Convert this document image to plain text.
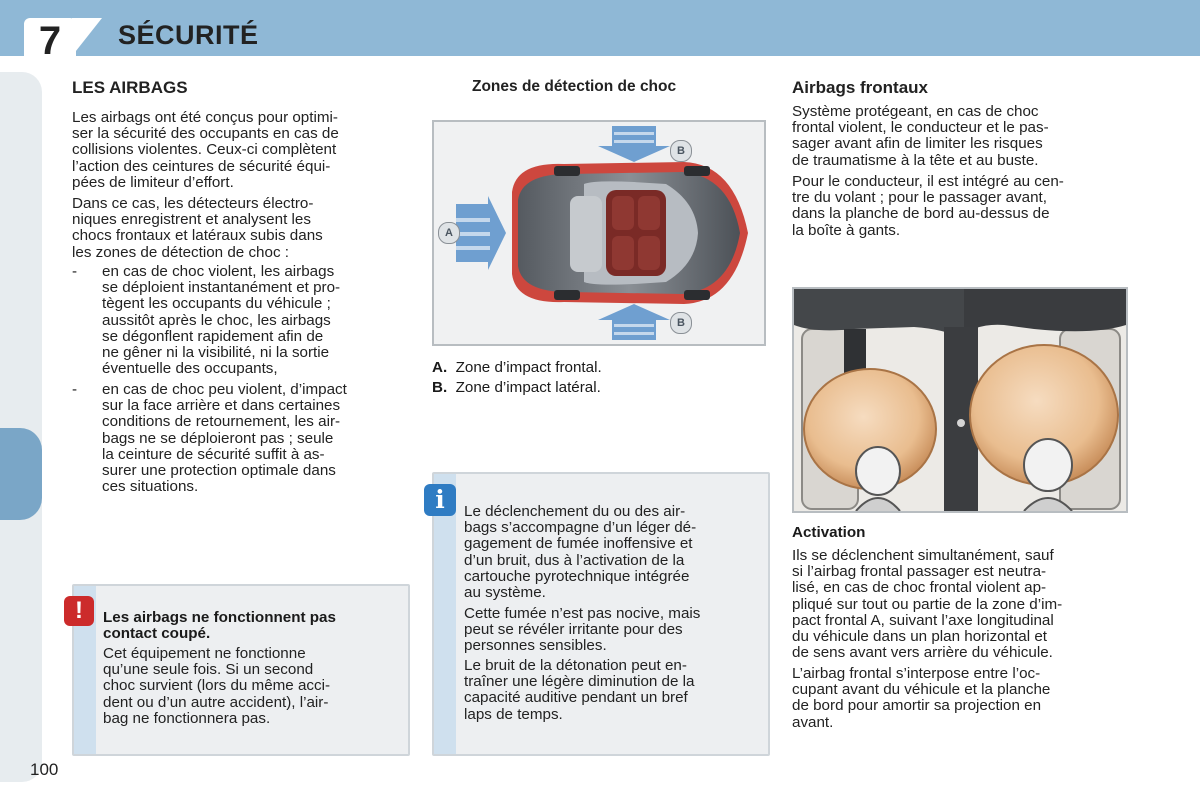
7	SÉCURITÉ
100
LES AIRBAGS
Les airbags ont été conçus pour optimi-
ser la sécurité des occupants en cas de
collisions violentes. Ceux-ci complètent
l’action des ceintures de sécurité équi-
pées de limiteur d’effort.
Dans ce cas, les détecteurs électro-
niques enregistrent et analysent les
chocs frontaux et latéraux subis dans
les zones de détection de choc :
- en cas de choc violent, les airbags
se déploient instantanément et pro-
tègent les occupants du véhicule ;
aussitôt après le choc, les airbags
se dégonflent rapidement afin de
ne gêner ni la visibilité, ni la sortie
éventuelle des occupants,
- en cas de choc peu violent, d’impact
sur la face arrière et dans certaines
conditions de retournement, les air-
bags ne se déploieront pas ; seule
la ceinture de sécurité suffit à as-
surer une protection optimale dans
ces situations.
!	Les airbags ne fonctionnent pas
contact coupé.
Cet équipement ne fonctionne
qu’une seule fois. Si un second
choc survient (lors du même acci-
dent ou d’un autre accident), l’air-
bag ne fonctionnera pas.
Zones de détection de choc
A
B
B
A. Zone d’impact frontal.
B. Zone d’impact latéral.
i	Le déclenchement du ou des air-
bags s’accompagne d’un léger dé-
gagement de fumée inoffensive et
d’un bruit, dus à l’activation de la
cartouche pyrotechnique intégrée
au système.
Cette fumée n’est pas nocive, mais
peut se révéler irritante pour des
personnes sensibles.
Le bruit de la détonation peut en-
traîner une légère diminution de la
capacité auditive pendant un bref
laps de temps.
Airbags frontaux
Système protégeant, en cas de choc
frontal violent, le conducteur et le pas-
sager avant afin de limiter les risques
de traumatisme à la tête et au buste.
Pour le conducteur, il est intégré au cen-
tre du volant ; pour le passager avant,
dans la planche de bord au-dessus de
la boîte à gants.
Activation
Ils se déclenchent simultanément, sauf
si l’airbag frontal passager est neutra-
lisé, en cas de choc frontal violent ap-
pliqué sur tout ou partie de la zone d’im-
pact frontal A, suivant l’axe longitudinal
du véhicule dans un plan horizontal et
de sens avant vers arrière du véhicule.
L’airbag frontal s’interpose entre l’oc-
cupant avant du véhicule et la planche
de bord pour amortir sa projection en
avant.
